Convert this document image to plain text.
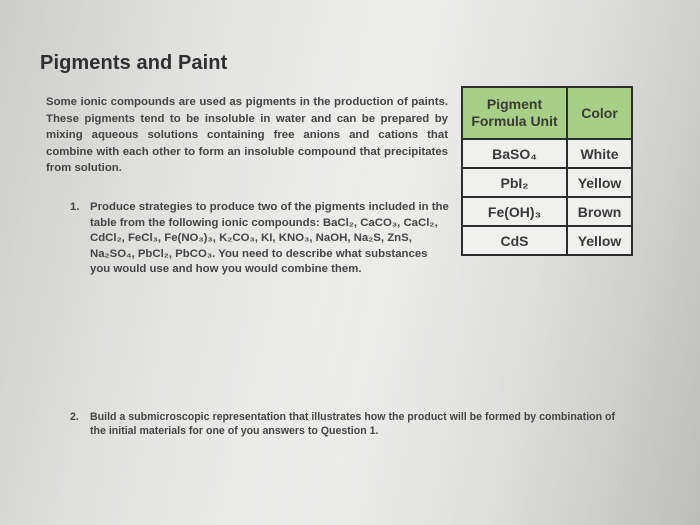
Pigments and Paint

Some ionic compounds are used as pigments in the production of paints. These pigments tend to be insoluble in water and can be prepared by mixing aqueous solutions containing free anions and cations that combine with each other to form an insoluble compound that precipitates from solution.

1. Produce strategies to produce two of the pigments included in the table from the following ionic compounds: BaCl₂, CaCO₃, CaCl₂, CdCl₂, FeCl₃, Fe(NO₃)₃, K₂CO₃, KI, KNO₃, NaOH, Na₂S, ZnS, Na₂SO₄, PbCl₂, PbCO₃. You need to describe what substances you would use and how you would combine them.
2. Build a submicroscopic representation that illustrates how the product will be formed by combination of the initial materials for one of you answers to Question 1.
Pigment Formula Unit	Color
BaSO₄	White
PbI₂	Yellow
Fe(OH)₃	Brown
CdS	Yellow
